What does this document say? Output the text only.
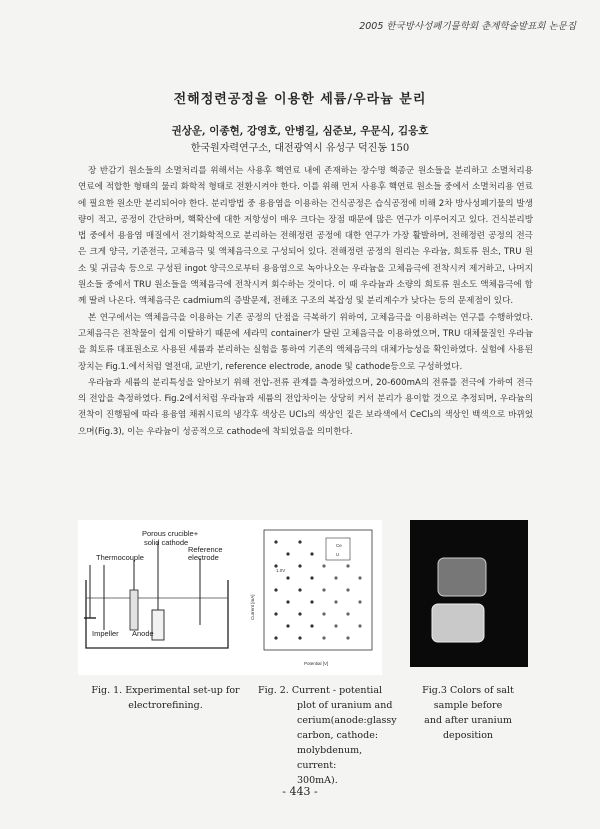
2005 한국방사성폐기물학회 춘계학술발표회 논문집
전해정련공정을 이용한 세륨/우라늄 분리
권상운, 이종현, 강영호, 안병길, 심준보, 우문식, 김응호
한국원자력연구소, 대전광역시 유성구 덕진동 150

장 반감기 원소들의 소멸처리를 위해서는 사용후 핵연료 내에 존재하는 장수명 핵종군 원소들을 분리하고 소멸처리용 연료에 적합한 형태의 물리 화학적 형태로 전환시켜야 한다. 이를 위해 먼저 사용후 핵연료 원소들 중에서 소멸처리용 연료에 필요한 원소만 분리되어야 한다. 분리방법 중 용융염을 이용하는 건식공정은 습식공정에 비해 2차 방사성폐기물의 발생량이 적고, 공정이 간단하며, 핵확산에 대한 저항성이 매우 크다는 장점 때문에 많은 연구가 이루어지고 있다. 건식분리방법 중에서 용융염 매질에서 전기화학적으로 분리하는 전해정련 공정에 대한 연구가 가장 활발하며, 전해정련 공정의 전극은 크게 양극, 기준전극, 고체음극 및 액체음극으로 구성되어 있다. 전해정련 공정의 원리는 우라늄, 희토류 원소, TRU 원소 및 귀금속 등으로 구성된 ingot 양극으로부터 용융염으로 녹아나오는 우라늄을 고체음극에 전착시켜 제거하고, 나머지 원소들 중에서 TRU 원소들을 액체음극에 전착시켜 회수하는 것이다. 이 때 우라늄과 소량의 희토류 원소도 액체음극에 함께 딸려 나온다. 액체음극은 cadmium의 증발문제, 전해조 구조의 복잡성 및 분리계수가 낮다는 등의 문제점이 있다.

본 연구에서는 액체음극을 이용하는 기존 공정의 단점을 극복하기 위하여, 고체음극을 이용하려는 연구를 수행하였다. 고체음극은 전착물이 쉽게 이탈하기 때문에 세라믹 container가 달린 고체음극을 이용하였으며, TRU 대체물질인 우라늄을 희토류 대표원소로 사용된 세륨과 분리하는 실험을 통하여 기존의 액체음극의 대체가능성을 확인하였다. 실험에 사용된 장치는 Fig.1.에서처럼 열전대, 교반기, reference electrode, anode 및 cathode등으로 구성하였다.

우라늄과 세륨의 분리특성을 알아보기 위해 전압-전류 관계를 측정하였으며, 20-600mA의 전류를 전극에 가하여 전극의 전압을 측정하였다. Fig.2에서처럼 우라늄과 세륨의 전압차이는 상당히 커서 분리가 용이할 것으로 추정되며, 우라늄의 전착이 진행됨에 따라 용융염 채취시료의 냉각후 색상은 UCl₃의 색상인 짙은 보라색에서 CeCl₃의 색상인 백색으로 바뀌었으며(Fig.3), 이는 우라늄이 성공적으로 cathode에 착되었음을 의미한다.

Porous crucible+
solid cathode
Reference
electrode
Thermocouple
Impeller Anode
Ce
U
1.0V
Current [mA]
Potential [V]
Fig. 1. Experimental set-up for
electrorefining.
Fig. 2. Current - potential
plot of uranium and
cerium(anode:glassy
carbon, cathode:
molybdenum, current:
300mA).
Fig.3 Colors of salt
sample before
and after uranium
deposition
- 443 -
